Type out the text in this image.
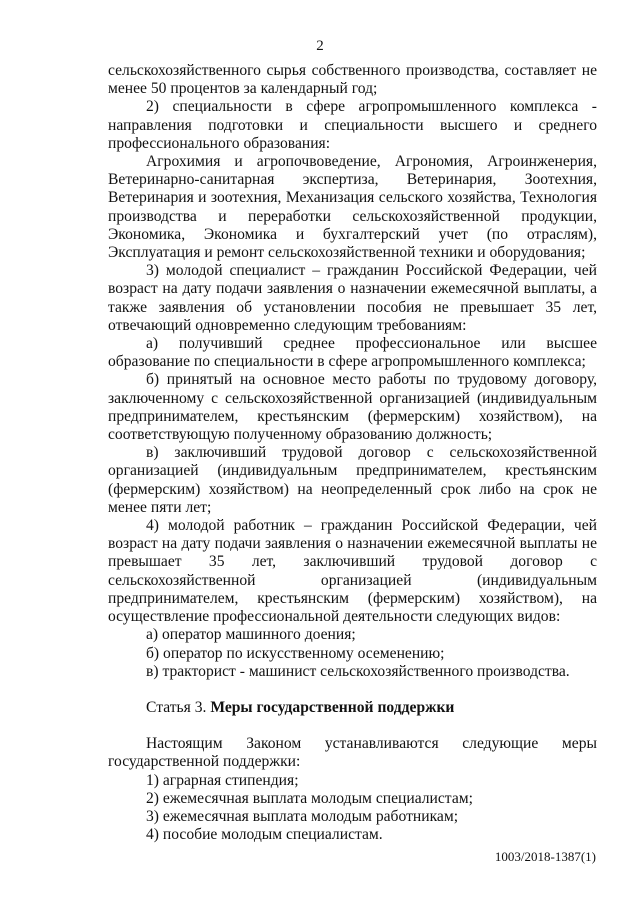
2

сельскохозяйственного сырья собственного производства, составляет не менее 50 процентов за календарный год;

2) специальности в сфере агропромышленного комплекса - направления подготовки и специальности высшего и среднего профессионального образования:

Агрохимия и агропочвоведение, Агрономия, Агроинженерия, Ветеринарно-санитарная экспертиза, Ветеринария, Зоотехния, Ветеринария и зоотехния, Механизация сельского хозяйства, Технология производства и переработки сельскохозяйственной продукции, Экономика, Экономика и бухгалтерский учет (по отраслям), Эксплуатация и ремонт сельскохозяйственной техники и оборудования;

3) молодой специалист – гражданин Российской Федерации, чей возраст на дату подачи заявления о назначении ежемесячной выплаты, а также заявления об установлении пособия не превышает 35 лет, отвечающий одновременно следующим требованиям:

а) получивший среднее профессиональное или высшее образование по специальности в сфере агропромышленного комплекса;

б) принятый на основное место работы по трудовому договору, заключенному с сельскохозяйственной организацией (индивидуальным предпринимателем, крестьянским (фермерским) хозяйством), на соответствующую полученному образованию должность;

в) заключивший трудовой договор с сельскохозяйственной организацией (индивидуальным предпринимателем, крестьянским (фермерским) хозяйством) на неопределенный срок либо на срок не менее пяти лет;

4) молодой работник – гражданин Российской Федерации, чей возраст на дату подачи заявления о назначении ежемесячной выплаты не превышает 35 лет, заключивший трудовой договор с сельскохозяйственной организацией (индивидуальным предпринимателем, крестьянским (фермерским) хозяйством), на осуществление профессиональной деятельности следующих видов:

а) оператор машинного доения;

б) оператор по искусственному осеменению;

в) тракторист - машинист сельскохозяйственного производства.

Статья 3. Меры государственной поддержки

Настоящим Законом устанавливаются следующие меры государственной поддержки:

1) аграрная стипендия;

2) ежемесячная выплата молодым специалистам;

3) ежемесячная выплата молодым работникам;

4) пособие молодым специалистам.

1003/2018-1387(1)
